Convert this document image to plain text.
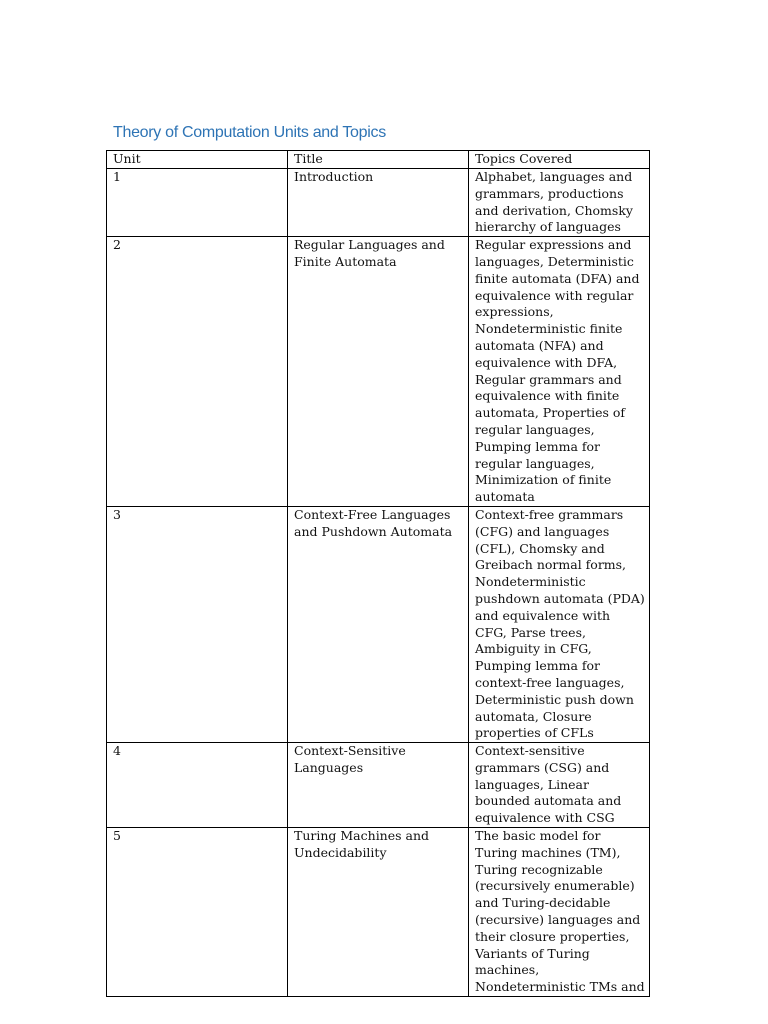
Theory of Computation Units and Topics
Unit	Title	Topics Covered

1	Introduction	Alphabet, languages and grammars, productions and derivation, Chomsky hierarchy of languages

2	Regular Languages and Finite Automata	Regular expressions and languages, Deterministic finite automata (DFA) and equivalence with regular expressions, Nondeterministic finite automata (NFA) and equivalence with DFA, Regular grammars and equivalence with finite automata, Properties of regular languages, Pumping lemma for regular languages, Minimization of finite automata

3	Context-Free Languages and Pushdown Automata	Context-free grammars (CFG) and languages (CFL), Chomsky and Greibach normal forms, Nondeterministic pushdown automata (PDA) and equivalence with CFG, Parse trees, Ambiguity in CFG, Pumping lemma for context-free languages, Deterministic push down automata, Closure properties of CFLs

4	Context-Sensitive Languages	Context-sensitive grammars (CSG) and languages, Linear bounded automata and equivalence with CSG

5	Turing Machines and Undecidability	The basic model for Turing machines (TM), Turing recognizable (recursively enumerable) and Turing-decidable (recursive) languages and their closure properties, Variants of Turing machines, Nondeterministic TMs and
